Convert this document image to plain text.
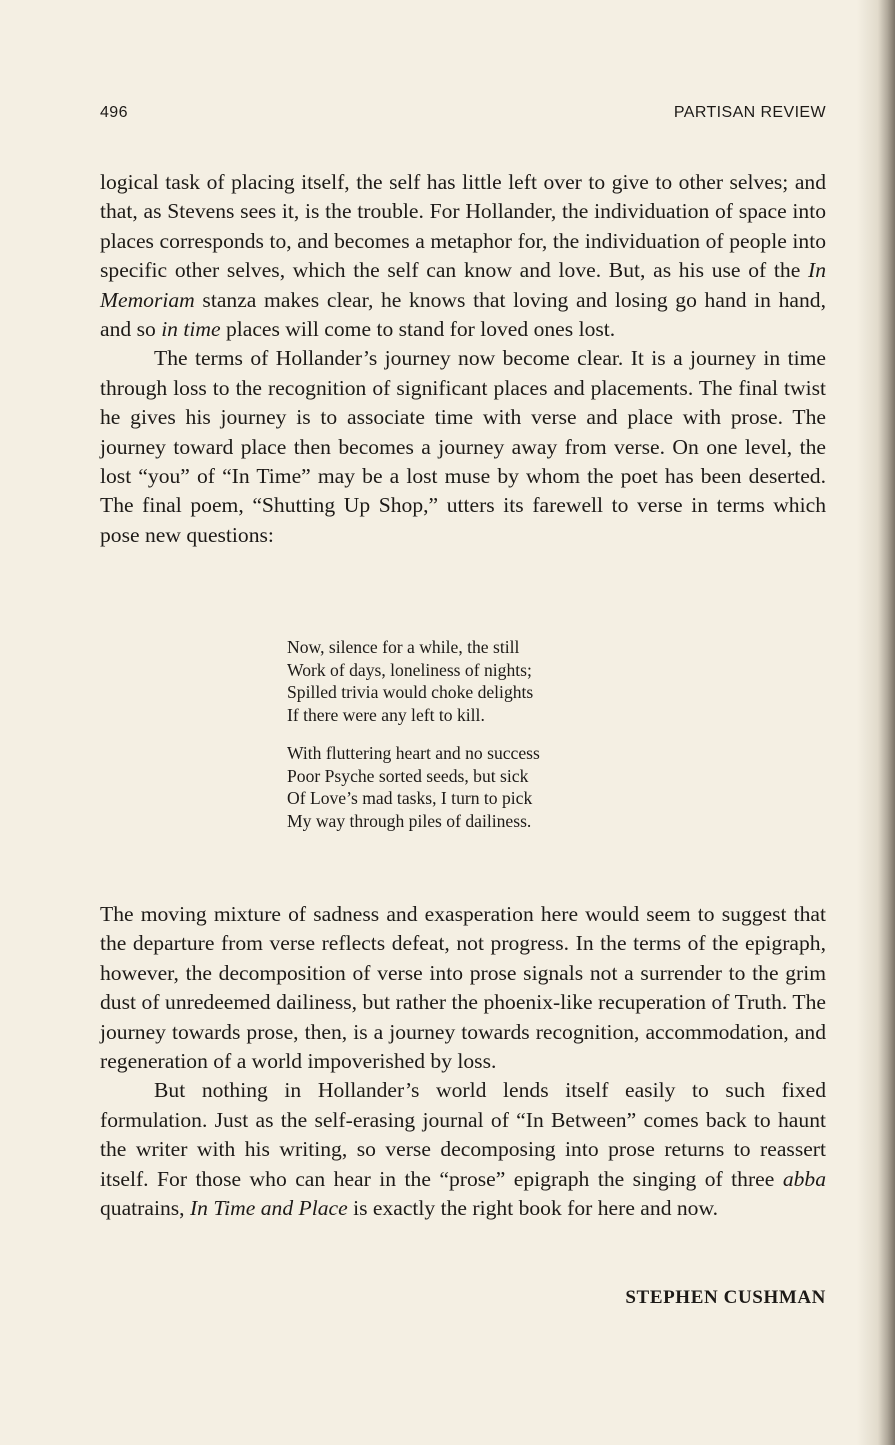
496	PARTISAN REVIEW

logical task of placing itself, the self has little left over to give to other selves; and that, as Stevens sees it, is the trouble. For Hollander, the individuation of space into places corresponds to, and becomes a metaphor for, the individuation of people into specific other selves, which the self can know and love. But, as his use of the In Memoriam stanza makes clear, he knows that loving and losing go hand in hand, and so in time places will come to stand for loved ones lost.

The terms of Hollander’s journey now become clear. It is a journey in time through loss to the recognition of significant places and placements. The final twist he gives his journey is to associate time with verse and place with prose. The journey toward place then becomes a journey away from verse. On one level, the lost “you” of “In Time” may be a lost muse by whom the poet has been deserted. The final poem, “Shutting Up Shop,” utters its farewell to verse in terms which pose new questions:

Now, silence for a while, the still
Work of days, loneliness of nights;
Spilled trivia would choke delights
If there were any left to kill.
With fluttering heart and no success
Poor Psyche sorted seeds, but sick
Of Love’s mad tasks, I turn to pick
My way through piles of dailiness.

The moving mixture of sadness and exasperation here would seem to suggest that the departure from verse reflects defeat, not progress. In the terms of the epigraph, however, the decomposition of verse into prose signals not a surrender to the grim dust of unredeemed dailiness, but rather the phoenix-like recuperation of Truth. The journey towards prose, then, is a journey towards recognition, accommodation, and regeneration of a world impoverished by loss.

But nothing in Hollander’s world lends itself easily to such fixed formulation. Just as the self-erasing journal of “In Between” comes back to haunt the writer with his writing, so verse decomposing into prose returns to reassert itself. For those who can hear in the “prose” epigraph the singing of three abba quatrains, In Time and Place is exactly the right book for here and now.

STEPHEN CUSHMAN
